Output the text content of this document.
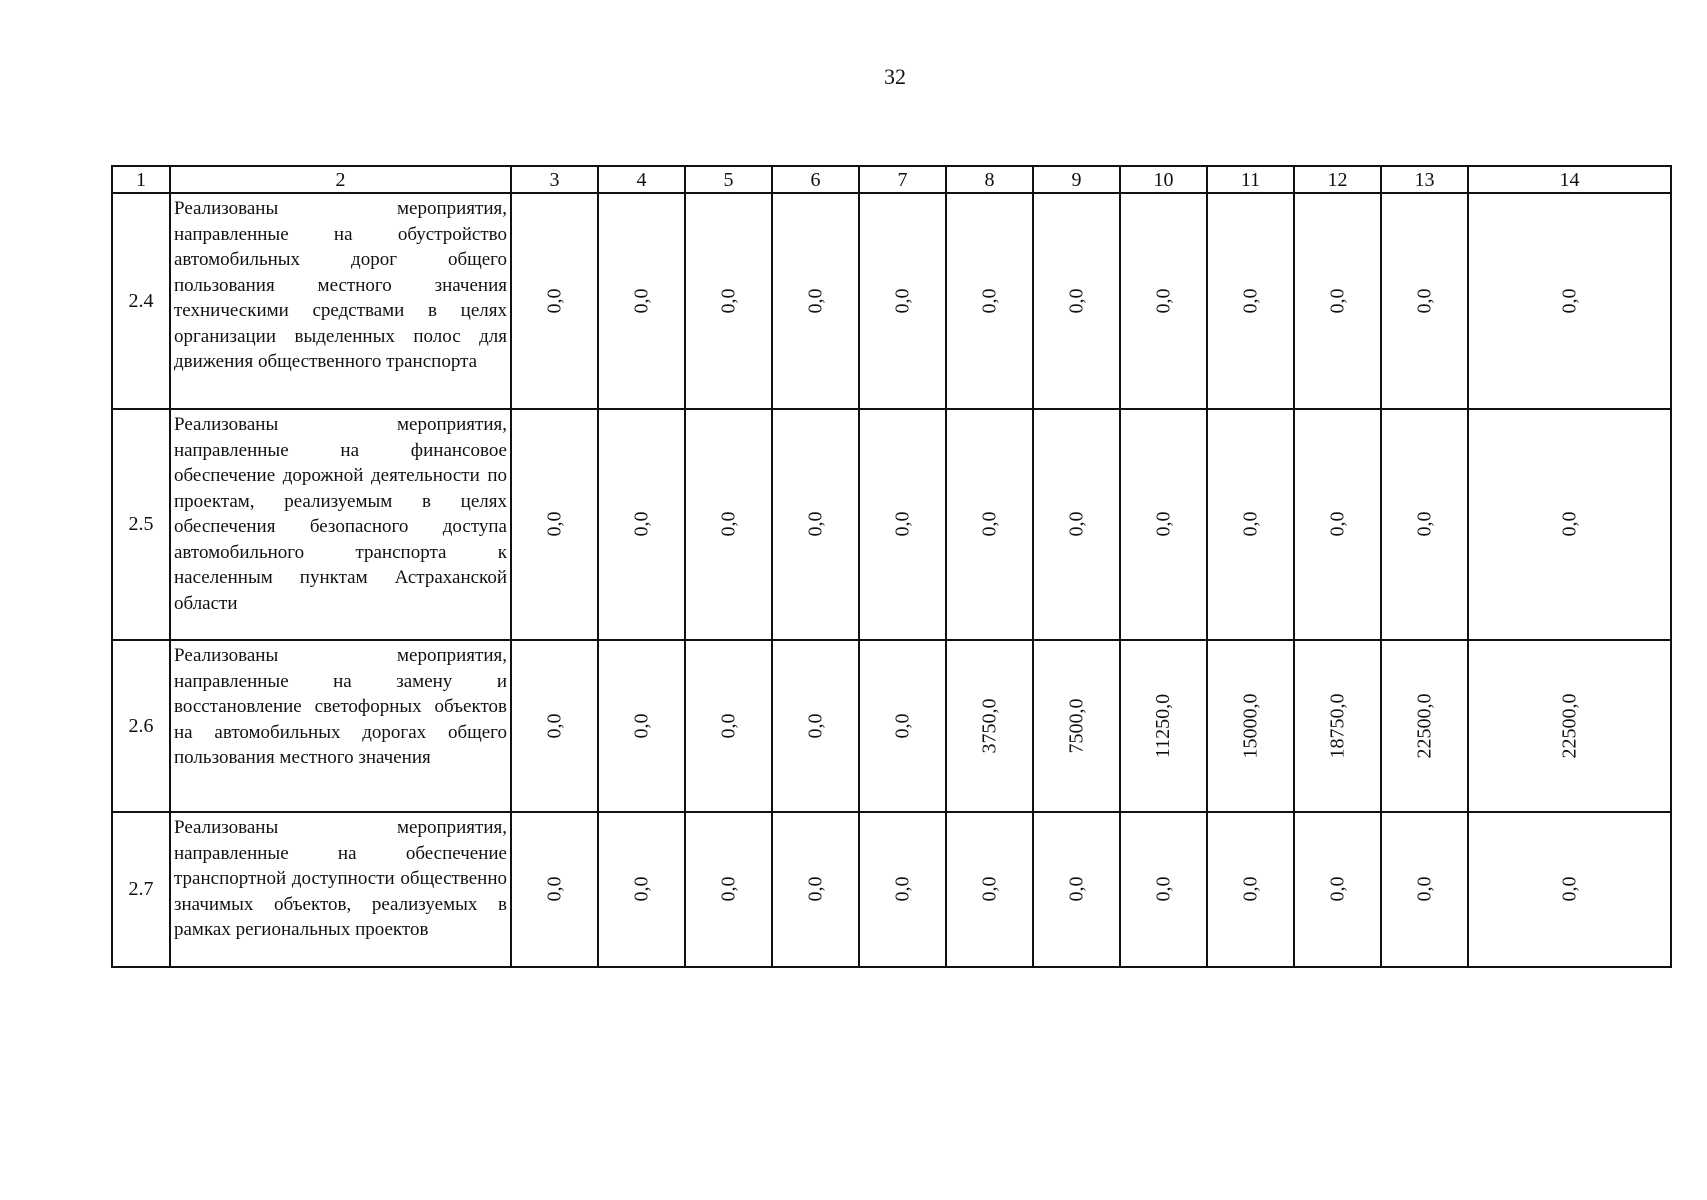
32
1	2	3	4	5	6	7	8	9	10	11	12	13	14
2.4	Реализованы мероприятия, направленные на обустройство автомобильных дорог общего пользования местного значения техническими средствами в целях организации выделенных полос для движения общественного транспорта	0,0	0,0	0,0	0,0	0,0	0,0	0,0	0,0	0,0	0,0	0,0	0,0
2.5	Реализованы мероприятия, направленные на финансовое обеспечение дорожной деятельности по проектам, реализуемым в целях обеспечения безопасного доступа автомобильного транспорта к населенным пунктам Астраханской области	0,0	0,0	0,0	0,0	0,0	0,0	0,0	0,0	0,0	0,0	0,0	0,0
2.6	Реализованы мероприятия, направленные на замену и восстановление светофорных объектов на автомобильных дорогах общего пользования местного значения	0,0	0,0	0,0	0,0	0,0	3750,0	7500,0	11250,0	15000,0	18750,0	22500,0	22500,0
2.7	Реализованы мероприятия, направленные на обеспечение транспортной доступности общественно значимых объектов, реализуемых в рамках региональных проектов	0,0	0,0	0,0	0,0	0,0	0,0	0,0	0,0	0,0	0,0	0,0	0,0
